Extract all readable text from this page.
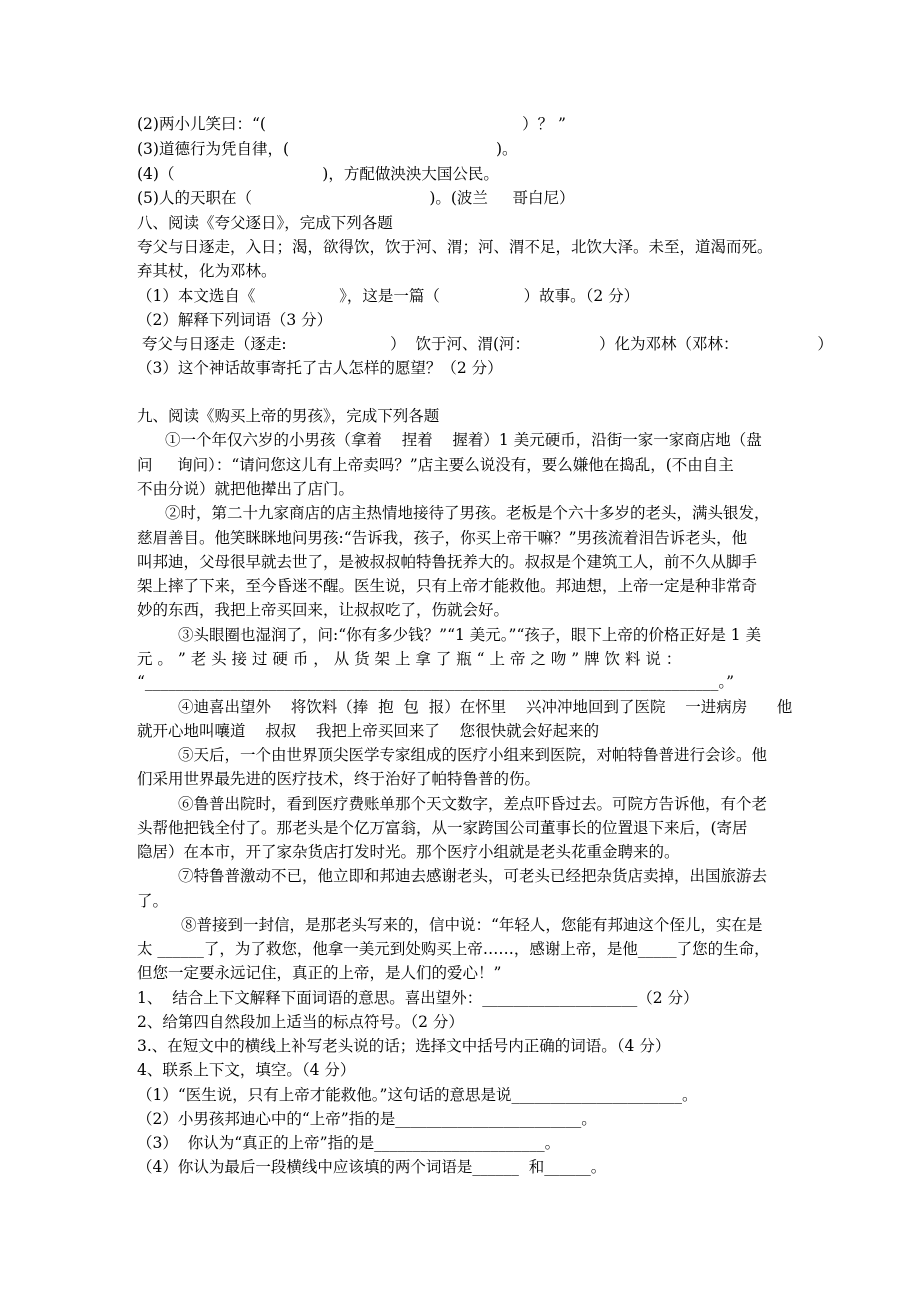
(2)两小儿笑曰：“(                                                    ）？ ”
(3)道德行为凭自律，(                                          )。
(4)（                              )，方配做泱泱大国公民。
(5)人的天职在（                                    )。(波兰     哥白尼）
八、阅读《夸父逐日》，完成下列各题
夸父与日逐走，入日；渴，欲得饮，饮于河、渭；河、渭不足，北饮大泽。未至，道渴而死。
弃其杖，化为邓林。
（1）本文选自《                 》，这是一篇（                 ）故事。（2 分）
（2）解释下列词语（3 分）
夸父与日逐走（逐走:                     ）  饮于河、渭(河：              ）化为邓林（邓林：                ）
（3）这个神话故事寄托了古人怎样的愿望？（2 分）
九、阅读《购买上帝的男孩》，完成下列各题
①一个年仅六岁的小男孩（拿着    捏着    握着）1 美元硬币，沿街一家一家商店地（盘
问     询问）：“请问您这儿有上帝卖吗？”店主要么说没有，要么嫌他在捣乱，(不由自主
不由分说）就把他撵出了店门。
②时，第二十九家商店的店主热情地接待了男孩。老板是个六十多岁的老头，满头银发，
慈眉善目。他笑眯眯地问男孩:“告诉我，孩子，你买上帝干嘛？”男孩流着泪告诉老头，他
叫邦迪，父母很早就去世了，是被叔叔帕特鲁抚养大的。叔叔是个建筑工人，前不久从脚手
架上摔了下来，至今昏迷不醒。医生说，只有上帝才能救他。邦迪想，上帝一定是种非常奇
妙的东西，我把上帝买回来，让叔叔吃了，伤就会好。
③头眼圈也湿润了，问:“你有多少钱？”“1 美元。”“孩子，眼下上帝的价格正好是 1 美
元 。 ” 老 头 接 过 硬 币 ， 从 货 架 上 拿 了 瓶 “ 上 帝 之 吻 ” 牌 饮 料 说 ：
“__________________________________________________________________________。”
④迪喜出望外    将饮料（捧  抱  包  报）在怀里    兴冲冲地回到了医院    一进病房      他
就开心地叫嚷道    叔叔    我把上帝买回来了    您很快就会好起来的
⑤天后，一个由世界顶尖医学专家组成的医疗小组来到医院，对帕特鲁普进行会诊。他
们采用世界最先进的医疗技术，终于治好了帕特鲁普的伤。
⑥鲁普出院时，看到医疗费账单那个天文数字，差点吓昏过去。可院方告诉他，有个老
头帮他把钱全付了。那老头是个亿万富翁，从一家跨国公司董事长的位置退下来后，(寄居
隐居）在本市，开了家杂货店打发时光。那个医疗小组就是老头花重金聘来的。
⑦特鲁普激动不已，他立即和邦迪去感谢老头，可老头已经把杂货店卖掉，出国旅游去
了。
⑧普接到一封信，是那老头写来的，信中说：“年轻人，您能有邦迪这个侄儿，实在是
太 ______了，为了救您，他拿一美元到处购买上帝……，感谢上帝，是他_____了您的生命，
但您一定要永远记住，真正的上帝，是人们的爱心！”
1、  结合上下文解释下面词语的意思。喜出望外：____________________（2 分）
2、给第四自然段加上适当的标点符号。（2 分）
3.、在短文中的横线上补写老头说的话；选择文中括号内正确的词语。（4 分）
4、联系上下文，填空。（4 分）
（1）“医生说，只有上帝才能救他。”这句话的意思是说______________________。
（2）小男孩邦迪心中的“上帝”指的是________________________。
（3）  你认为“真正的上帝”指的是______________________。
（4）你认为最后一段横线中应该填的两个词语是______  和______。
